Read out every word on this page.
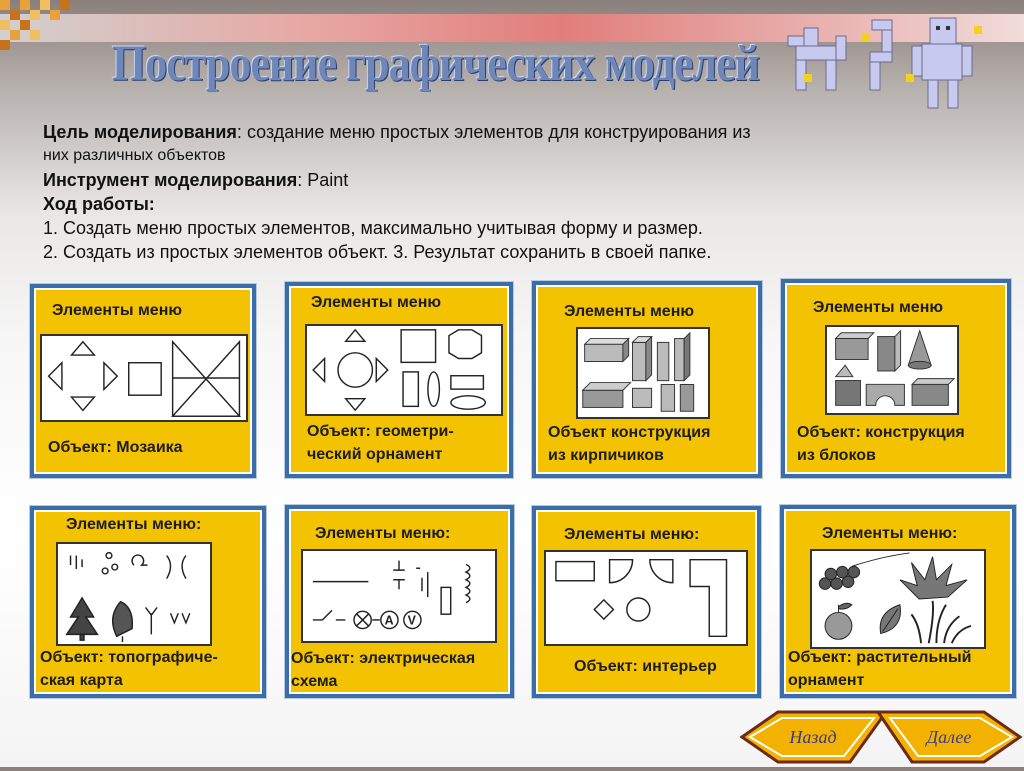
Построение графических моделей
Цель моделирования: создание меню простых элементов для конструирования из
них различных объектов
Инструмент моделирования: Paint
Ход работы:
1. Создать меню простых элементов, максимально учитывая форму и размер.
2. Создать из простых элементов объект. 3. Результат сохранить в своей папке.
Элементы меню
Объект: Мозаика
Элементы меню
Объект: геометри-
ческий орнамент
Элементы меню
Объект конструкция
из кирпичиков
Элементы меню
Объект: конструкция
из блоков
Элементы меню:
Объект: топографиче-
ская карта
Элементы меню:
A V
Объект: электрическая
схема
Элементы меню:
Объект: интерьер
Элементы меню:
Объект: растительный
орнамент
Назад	Далее
